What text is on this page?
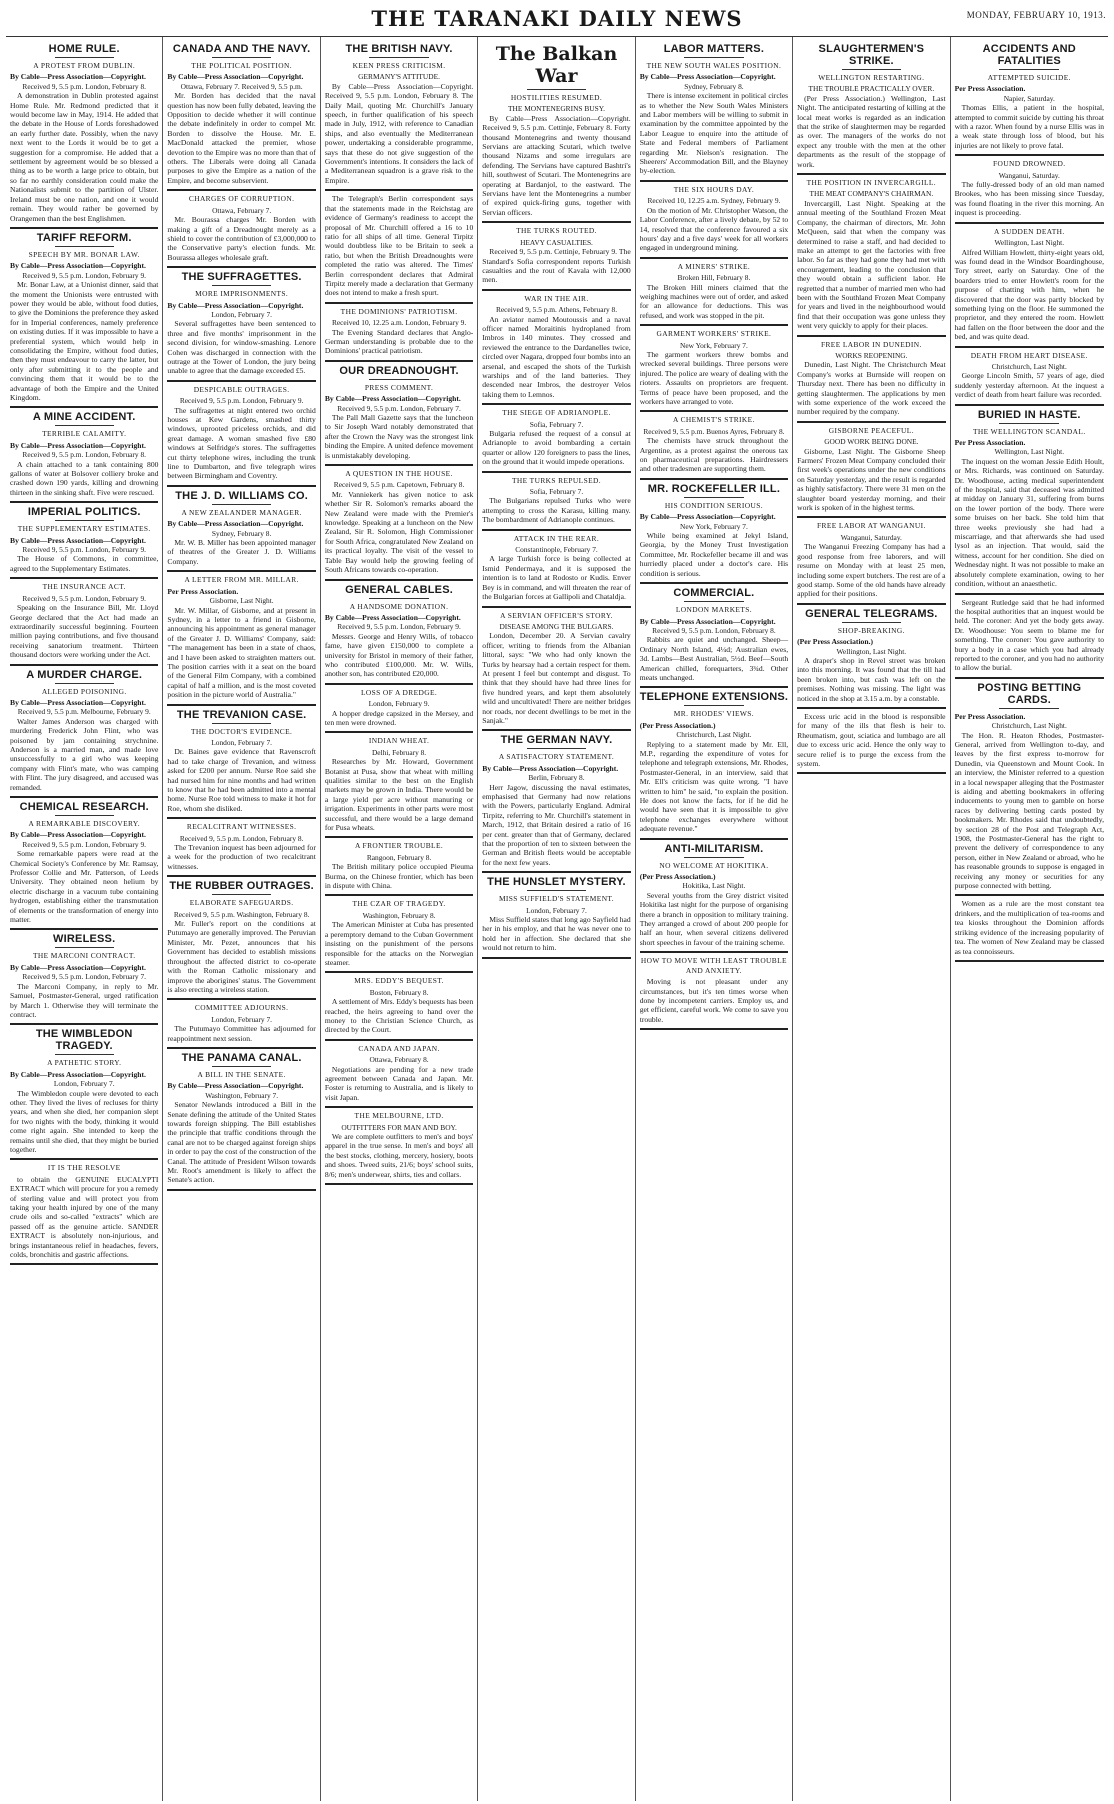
THE TARANAKI DAILY NEWS	MONDAY, FEBRUARY 10, 1913.
HOME RULE.
A PROTEST FROM DUBLIN.
By Cable—Press Association—Copyright.
Received 9, 5.5 p.m. London, February 8.

A demonstration in Dublin protested against Home Rule. Mr. Redmond predicted that it would become law in May, 1914. He added that the debate in the House of Lords foreshadowed an early further date. Possibly, when the navy next went to the Lords it would be to get a suggestion for a compromise. He added that a settlement by agreement would be so blessed a thing as to be worth a large price to obtain, but so far no earthly consideration could make the Nationalists submit to the partition of Ulster. Ireland must be one nation, and one it would remain. They would rather be governed by Orangemen than the best Englishmen.

TARIFF REFORM.
SPEECH BY MR. BONAR LAW.
By Cable—Press Association—Copyright.
Received 9, 5.5 p.m. London, February 9.

Mr. Bonar Law, at a Unionist dinner, said that the moment the Unionists were entrusted with power they would be able, without food duties, to give the Dominions the preference they asked for in Imperial conferences, namely preference on existing duties. If it was impossible to have a preferential system, which would help in consolidating the Empire, without food duties, then they must endeavour to carry the latter, but only after submitting it to the people and convincing them that it would be to the advantage of both the Empire and the United Kingdom.

A MINE ACCIDENT.
TERRIBLE CALAMITY.
By Cable—Press Association—Copyright.
Received 9, 5.5 p.m. London, February 8.

A chain attached to a tank containing 800 gallons of water at Bolsover colliery broke and crashed down 190 yards, killing and drowning thirteen in the sinking shaft. Five were rescued.

IMPERIAL POLITICS.
THE SUPPLEMENTARY ESTIMATES.
By Cable—Press Association—Copyright.
Received 9, 5.5 p.m. London, February 9.

The House of Commons, in committee, agreed to the Supplementary Estimates.

THE INSURANCE ACT.
Received 9, 5.5 p.m. London, February 9.

Speaking on the Insurance Bill, Mr. Lloyd George declared that the Act had made an extraordinarily successful beginning. Fourteen million paying contributions, and five thousand receiving sanatorium treatment. Thirteen thousand doctors were working under the Act.

A MURDER CHARGE.
ALLEGED POISONING.
By Cable—Press Association—Copyright.
Received 9, 5.5 p.m. Melbourne, February 9.

Walter James Anderson was charged with murdering Frederick John Flint, who was poisoned by jam containing strychnine. Anderson is a married man, and made love unsuccessfully to a girl who was keeping company with Flint's mate, who was camping with Flint. The jury disagreed, and accused was remanded.

CHEMICAL RESEARCH.
A REMARKABLE DISCOVERY.
By Cable—Press Association—Copyright.
Received 9, 5.5 p.m. London, February 9.

Some remarkable papers were read at the Chemical Society's Conference by Mr. Ramsay, Professor Collie and Mr. Patterson, of Leeds University. They obtained neon helium by electric discharge in a vacuum tube containing hydrogen, establishing either the transmutation of elements or the transformation of energy into matter.

WIRELESS.
THE MARCONI CONTRACT.
By Cable—Press Association—Copyright.
Received 9, 5.5 p.m. London, February 7.

The Marconi Company, in reply to Mr. Samuel, Postmaster-General, urged ratification by March 1. Otherwise they will terminate the contract.

THE WIMBLEDON TRAGEDY.
A PATHETIC STORY.
By Cable—Press Association—Copyright.
London, February 7.

The Wimbledon couple were devoted to each other. They lived the lives of recluses for thirty years, and when she died, her companion slept for two nights with the body, thinking it would come right again. She intended to keep the remains until she died, that they might be buried together.

IT IS THE RESOLVE

to obtain the GENUINE EUCALYPTI EXTRACT which will procure for you a remedy of sterling value and will protect you from taking your health injured by one of the many crude oils and so-called "extracts" which are passed off as the genuine article. SANDER EXTRACT is absolutely non-injurious, and brings instantaneous relief in headaches, fevers, colds, bronchitis and gastric affections.

CANADA AND THE NAVY.
THE POLITICAL POSITION.
By Cable—Press Association—Copyright.
Ottawa, February 7. Received 9, 5.5 p.m.

Mr. Borden has decided that the naval question has now been fully debated, leaving the Opposition to decide whether it will continue the debate indefinitely in order to compel Mr. Borden to dissolve the House. Mr. E. MacDonald attacked the premier, whose devotion to the Empire was no more than that of others. The Liberals were doing all Canada purposes to give the Empire as a nation of the Empire, and become subservient.

CHARGES OF CORRUPTION.
Ottawa, February 7.

Mr. Bourassa charges Mr. Borden with making a gift of a Dreadnought merely as a shield to cover the contribution of £3,000,000 to the Conservative party's election funds. Mr. Bourassa alleges wholesale graft.

THE SUFFRAGETTES.
MORE IMPRISONMENTS.
By Cable—Press Association—Copyright.
London, February 7.

Several suffragettes have been sentenced to three and five months' imprisonment in the second division, for window-smashing. Lenore Cohen was discharged in connection with the outrage at the Tower of London, the jury being unable to agree that the damage exceeded £5.

DESPICABLE OUTRAGES.
Received 9, 5.5 p.m. London, February 9.

The suffragettes at night entered two orchid houses at Kew Gardens, smashed thirty windows, uprooted priceless orchids, and did great damage. A woman smashed five £80 windows at Selfridge's stores. The suffragettes cut thirty telephone wires, including the trunk line to Dumbarton, and five telegraph wires between Birmingham and Coventry.

THE J. D. WILLIAMS CO.
A NEW ZEALANDER MANAGER.
By Cable—Press Association—Copyright.
Sydney, February 8.

Mr. W. B. Miller has been appointed manager of theatres of the Greater J. D. Williams Company.

A LETTER FROM MR. MILLAR.
Per Press Association.
Gisborne, Last Night.

Mr. W. Millar, of Gisborne, and at present in Sydney, in a letter to a friend in Gisborne, announcing his appointment as general manager of the Greater J. D. Williams' Company, said: "The management has been in a state of chaos, and I have been asked to straighten matters out. The position carries with it a seat on the board of the General Film Company, with a combined capital of half a million, and is the most coveted position in the picture world of Australia."

THE TREVANION CASE.
THE DOCTOR'S EVIDENCE.
London, February 7.

Dr. Baines gave evidence that Ravenscroft had to take charge of Trevanion, and witness asked for £200 per annum. Nurse Roe said she had nursed him for nine months and had written to know that he had been admitted into a mental home. Nurse Roe told witness to make it hot for Roe, whom she disliked.

RECALCITRANT WITNESSES.
Received 9, 5.5 p.m. London, February 8.

The Trevanion inquest has been adjourned for a week for the production of two recalcitrant witnesses.

THE RUBBER OUTRAGES.
ELABORATE SAFEGUARDS.
Received 9, 5.5 p.m. Washington, February 8.

Mr. Fuller's report on the conditions at Putumayo are generally improved. The Peruvian Minister, Mr. Pezet, announces that his Government has decided to establish missions throughout the affected district to co-operate with the Roman Catholic missionary and improve the aborigines' status. The Government is also erecting a wireless station.

COMMITTEE ADJOURNS.
London, February 7.

The Putumayo Committee has adjourned for reappointment next session.

THE PANAMA CANAL.
A BILL IN THE SENATE.
By Cable—Press Association—Copyright.
Washington, February 7.

Senator Newlands introduced a Bill in the Senate defining the attitude of the United States towards foreign shipping. The Bill establishes the principle that traffic conditions through the canal are not to be charged against foreign ships in order to pay the cost of the construction of the Canal. The attitude of President Wilson towards Mr. Root's amendment is likely to affect the Senate's action.

THE BRITISH NAVY.
KEEN PRESS CRITICISM.
GERMANY'S ATTITUDE.

By Cable—Press Association—Copyright. Received 9, 5.5 p.m. London, February 8. The Daily Mail, quoting Mr. Churchill's January speech, in further qualification of his speech made in July, 1912, with reference to Canadian ships, and also eventually the Mediterranean power, undertaking a considerable programme, says that these do not give suggestion of the Government's intentions. It considers the lack of a Mediterranean squadron is a grave risk to the Empire.

The Telegraph's Berlin correspondent says that the statements made in the Reichstag are evidence of Germany's readiness to accept the proposal of Mr. Churchill offered a 16 to 10 ratio for all ships of all time. General Tirpitz would doubtless like to be Britain to seek a ratio, but when the British Dreadnoughts were completed the ratio was altered. The Times' Berlin correspondent declares that Admiral Tirpitz merely made a declaration that Germany does not intend to make a fresh spurt.

THE DOMINIONS' PATRIOTISM.
Received 10, 12.25 a.m. London, February 9.

The Evening Standard declares that Anglo-German understanding is probable due to the Dominions' practical patriotism.

OUR DREADNOUGHT.
PRESS COMMENT.
By Cable—Press Association—Copyright.
Received 9, 5.5 p.m. London, February 7.

The Pall Mall Gazette says that the luncheon to Sir Joseph Ward notably demonstrated that after the Crown the Navy was the strongest link binding the Empire. A united defence movement is unmistakably developing.

A QUESTION IN THE HOUSE.
Received 9, 5.5 p.m. Capetown, February 8.

Mr. Vanniekerk has given notice to ask whether Sir R. Solomon's remarks aboard the New Zealand were made with the Premier's knowledge. Speaking at a luncheon on the New Zealand, Sir R. Solomon, High Commissioner for South Africa, congratulated New Zealand on its practical loyalty. The visit of the vessel to Table Bay would help the growing feeling of South Africans towards co-operation.

GENERAL CABLES.
A HANDSOME DONATION.
By Cable—Press Association—Copyright.
Received 9, 5.5 p.m. London, February 9.

Messrs. George and Henry Wills, of tobacco fame, have given £150,000 to complete a university for Bristol in memory of their father, who contributed £100,000. Mr. W. Wills, another son, has contributed £20,000.

LOSS OF A DREDGE.
London, February 9.

A hopper dredge capsized in the Mersey, and ten men were drowned.

INDIAN WHEAT.
Delhi, February 8.

Researches by Mr. Howard, Government Botanist at Pusa, show that wheat with milling qualities similar to the best on the English markets may be grown in India. There would be a large yield per acre without manuring or irrigation. Experiments in other parts were most successful, and there would be a large demand for Pusa wheats.

A FRONTIER TROUBLE.
Rangoon, February 8.

The British military police occupied Pieuma Burma, on the Chinese frontier, which has been in dispute with China.

THE CZAR OF TRAGEDY.
Washington, February 8.

The American Minister at Cuba has presented a peremptory demand to the Cuban Government insisting on the punishment of the persons responsible for the attacks on the Norwegian steamer.

MRS. EDDY'S BEQUEST.
Boston, February 8.

A settlement of Mrs. Eddy's bequests has been reached, the heirs agreeing to hand over the money to the Christian Science Church, as directed by the Court.

CANADA AND JAPAN.
Ottawa, February 8.

Negotiations are pending for a new trade agreement between Canada and Japan. Mr. Foster is returning to Australia, and is likely to visit Japan.

THE MELBOURNE, LTD.
OUTFITTERS FOR MAN AND BOY.

We are complete outfitters to men's and boys' apparel in the true sense. In men's and boys' all the best stocks, clothing, mercery, hosiery, boots and shoes. Tweed suits, 21/6; boys' school suits, 8/6; men's underwear, shirts, ties and collars.

The Balkan War
HOSTILITIES RESUMED.
THE MONTENEGRINS BUSY.

By Cable—Press Association—Copyright. Received 9, 5.5 p.m. Cettinje, February 8. Forty thousand Montenegrins and twenty thousand Servians are attacking Scutari, which twelve thousand Nizams and some irregulars are defending. The Servians have captured Bashtri's hill, southwest of Scutari. The Montenegrins are operating at Bardanjol, to the eastward. The Servians have lent the Montenegrins a number of expired quick-firing guns, together with Servian officers.

THE TURKS ROUTED.
HEAVY CASUALTIES.

Received 9, 5.5 p.m. Cettinje, February 9. The Standard's Sofia correspondent reports Turkish casualties and the rout of Kavala with 12,000 men.

WAR IN THE AIR.
Received 9, 5.5 p.m. Athens, February 8.

An aviator named Moutoussis and a naval officer named Moraitinis hydroplaned from Imbros in 140 minutes. They crossed and reviewed the entrance to the Dardanelles twice, circled over Nagara, dropped four bombs into an arsenal, and escaped the shots of the Turkish warships and of the land batteries. They descended near Imbros, the destroyer Velos taking them to Lemnos.

THE SIEGE OF ADRIANOPLE.
Sofia, February 7.

Bulgaria refused the request of a consul at Adrianople to avoid bombarding a certain quarter or allow 120 foreigners to pass the lines, on the ground that it would impede operations.

THE TURKS REPULSED.
Sofia, February 7.

The Bulgarians repulsed Turks who were attempting to cross the Karasu, killing many. The bombardment of Adrianople continues.

ATTACK IN THE REAR.
Constantinople, February 7.

A large Turkish force is being collected at Ismid Pendermaya, and it is supposed the intention is to land at Rodosto or Kudis. Enver Bey is in command, and will threaten the rear of the Bulgarian forces at Gallipoli and Chataldja.

A SERVIAN OFFICER'S STORY.
DISEASE AMONG THE BULGARS.

London, December 20. A Servian cavalry officer, writing to friends from the Albanian littoral, says: "We who had only known the Turks by hearsay had a certain respect for them. At present I feel but contempt and disgust. To think that they should have had three lines for five hundred years, and kept them absolutely wild and uncultivated! There are neither bridges nor roads, nor decent dwellings to be met in the Sanjak."

THE GERMAN NAVY.
A SATISFACTORY STATEMENT.
By Cable—Press Association—Copyright.
Berlin, February 8.

Herr Jagow, discussing the naval estimates, emphasised that Germany had now relations with the Powers, particularly England. Admiral Tirpitz, referring to Mr. Churchill's statement in March, 1912, that Britain desired a ratio of 16 per cent. greater than that of Germany, declared that the proportion of ten to sixteen between the German and British fleets would be acceptable for the next few years.

THE HUNSLET MYSTERY.
MISS SUFFIELD'S STATEMENT.
London, February 7.

Miss Suffield states that long ago Sayfield had her in his employ, and that he was never one to hold her in affection. She declared that she would not return to him.

LABOR MATTERS.
THE NEW SOUTH WALES POSITION.
By Cable—Press Association—Copyright.
Sydney, February 8.

There is intense excitement in political circles as to whether the New South Wales Ministers and Labor members will be willing to submit in examination by the committee appointed by the Labor League to enquire into the attitude of State and Federal members of Parliament regarding Mr. Nielson's resignation. The Sheerers' Accommodation Bill, and the Blayney by-election.

THE SIX HOURS DAY.
Received 10, 12.25 a.m. Sydney, February 9.

On the motion of Mr. Christopher Watson, the Labor Conference, after a lively debate, by 52 to 14, resolved that the conference favoured a six hours' day and a five days' week for all workers engaged in underground mining.

A MINERS' STRIKE.
Broken Hill, February 8.

The Broken Hill miners claimed that the weighing machines were out of order, and asked for an allowance for deductions. This was refused, and work was stopped in the pit.

GARMENT WORKERS' STRIKE.
New York, February 7.

The garment workers threw bombs and wrecked several buildings. Three persons were injured. The police are weary of dealing with the rioters. Assaults on proprietors are frequent. Terms of peace have been proposed, and the workers have arranged to vote.

A CHEMIST'S STRIKE.
Received 9, 5.5 p.m. Buenos Ayres, February 8.

The chemists have struck throughout the Argentine, as a protest against the onerous tax on pharmaceutical preparations. Hairdressers and other tradesmen are supporting them.

MR. ROCKEFELLER ILL.
HIS CONDITION SERIOUS.
By Cable—Press Association—Copyright.
New York, February 7.

While being examined at Jekyl Island, Georgia, by the Money Trust Investigation Committee, Mr. Rockefeller became ill and was hurriedly placed under a doctor's care. His condition is serious.

COMMERCIAL.
LONDON MARKETS.
By Cable—Press Association—Copyright.
Received 9, 5.5 p.m. London, February 8.

Rabbits are quiet and unchanged. Sheep—Ordinary North Island, 4¼d; Australian ewes, 3d. Lambs—Best Australian, 5½d. Beef—South American chilled, forequarters, 3¾d. Other meats unchanged.

TELEPHONE EXTENSIONS.
MR. RHODES' VIEWS.
(Per Press Association.)
Christchurch, Last Night.

Replying to a statement made by Mr. Ell, M.P., regarding the expenditure of votes for telephone and telegraph extensions, Mr. Rhodes, Postmaster-General, in an interview, said that Mr. Ell's criticism was quite wrong. "I have written to him" he said, "to explain the position. He does not know the facts, for if he did he would have seen that it is impossible to give telephone exchanges everywhere without adequate revenue."

ANTI-MILITARISM.
NO WELCOME AT HOKITIKA.
(Per Press Association.)
Hokitika, Last Night.

Several youths from the Grey district visited Hokitika last night for the purpose of organising there a branch in opposition to military training. They arranged a crowd of about 200 people for half an hour, when several citizens delivered short speeches in favour of the training scheme.

HOW TO MOVE WITH LEAST TROUBLE AND ANXIETY.

Moving is not pleasant under any circumstances, but it's ten times worse when done by incompetent carriers. Employ us, and get efficient, careful work. We come to save you trouble.

SLAUGHTERMEN'S STRIKE.
WELLINGTON RESTARTING.
THE TROUBLE PRACTICALLY OVER.

(Per Press Association.) Wellington, Last Night. The anticipated restarting of killing at the local meat works is regarded as an indication that the strike of slaughtermen may be regarded as over. The managers of the works do not expect any trouble with the men at the other departments as the result of the stoppage of work.

THE POSITION IN INVERCARGILL.
THE MEAT COMPANY'S CHAIRMAN.

Invercargill, Last Night. Speaking at the annual meeting of the Southland Frozen Meat Company, the chairman of directors, Mr. John McQueen, said that when the company was determined to raise a staff, and had decided to make an attempt to get the factories with free labor. So far as they had gone they had met with encouragement, leading to the conclusion that they would obtain a sufficient labor. He regretted that a number of married men who had been with the Southland Frozen Meat Company for years and lived in the neighbourhood would find that their occupation was gone unless they went very quickly to apply for their places.

FREE LABOR IN DUNEDIN.
WORKS REOPENING.

Dunedin, Last Night. The Christchurch Meat Company's works at Burnside will reopen on Thursday next. There has been no difficulty in getting slaughtermen. The applications by men with some experience of the work exceed the number required by the company.

GISBORNE PEACEFUL.
GOOD WORK BEING DONE.

Gisborne, Last Night. The Gisborne Sheep Farmers' Frozen Meat Company concluded their first week's operations under the new conditions on Saturday yesterday, and the result is regarded as highly satisfactory. There were 31 men on the slaughter board yesterday morning, and their work is spoken of in the highest terms.

FREE LABOR AT WANGANUI.
Wanganui, Saturday.

The Wanganui Freezing Company has had a good response from free laborers, and will resume on Monday with at least 25 men, including some expert butchers. The rest are of a good stamp. Some of the old hands have already applied for their positions.

GENERAL TELEGRAMS.
SHOP-BREAKING.
(Per Press Association.)
Wellington, Last Night.

A draper's shop in Revel street was broken into this morning. It was found that the till had been broken into, but cash was left on the premises. Nothing was missing. The light was noticed in the shop at 3.15 a.m. by a constable.

Excess uric acid in the blood is responsible for many of the ills that flesh is heir to. Rheumatism, gout, sciatica and lumbago are all due to excess uric acid. Hence the only way to secure relief is to purge the excess from the system.

ACCIDENTS AND FATALITIES
ATTEMPTED SUICIDE.
Per Press Association.
Napier, Saturday.

Thomas Ellis, a patient in the hospital, attempted to commit suicide by cutting his throat with a razor. When found by a nurse Ellis was in a weak state through loss of blood, but his injuries are not likely to prove fatal.

FOUND DROWNED.
Wanganui, Saturday.

The fully-dressed body of an old man named Brookes, who has been missing since Tuesday, was found floating in the river this morning. An inquest is proceeding.

A SUDDEN DEATH.
Wellington, Last Night.

Alfred William Howlett, thirty-eight years old, was found dead in the Windsor Boardinghouse, Tory street, early on Saturday. One of the boarders tried to enter Howlett's room for the purpose of chatting with him, when he discovered that the door was partly blocked by something lying on the floor. He summoned the proprietor, and they entered the room. Howlett had fallen on the floor between the door and the bed, and was quite dead.

DEATH FROM HEART DISEASE.
Christchurch, Last Night.

George Lincoln Smith, 57 years of age, died suddenly yesterday afternoon. At the inquest a verdict of death from heart failure was recorded.

BURIED IN HASTE.
THE WELLINGTON SCANDAL.
Per Press Association.
Wellington, Last Night.

The inquest on the woman Jessie Edith Hoult, or Mrs. Richards, was continued on Saturday. Dr. Woodhouse, acting medical superintendent of the hospital, said that deceased was admitted at midday on January 31, suffering from burns on the lower portion of the body. There were some bruises on her back. She told him that three weeks previously she had had a miscarriage, and that afterwards she had used lysol as an injection. That would, said the witness, account for her condition. She died on Wednesday night. It was not possible to make an absolutely complete examination, owing to her condition, without an anaesthetic.

Sergeant Rutledge said that he had informed the hospital authorities that an inquest would be held. The coroner: And yet the body gets away. Dr. Woodhouse: You seem to blame me for something. The coroner: You gave authority to bury a body in a case which you had already reported to the coroner, and you had no authority to allow the burial.

POSTING BETTING CARDS.
Per Press Association.
Christchurch, Last Night.

The Hon. R. Heaton Rhodes, Postmaster-General, arrived from Wellington to-day, and leaves by the first express to-morrow for Dunedin, via Queenstown and Mount Cook. In an interview, the Minister referred to a question in a local newspaper alleging that the Postmaster is aiding and abetting bookmakers in offering inducements to young men to gamble on horse races by delivering betting cards posted by bookmakers. Mr. Rhodes said that undoubtedly, by section 28 of the Post and Telegraph Act, 1908, the Postmaster-General has the right to prevent the delivery of correspondence to any person, either in New Zealand or abroad, who he has reasonable grounds to suppose is engaged in receiving any money or securities for any purpose connected with betting.

Women as a rule are the most constant tea drinkers, and the multiplication of tea-rooms and tea kiosks throughout the Dominion affords striking evidence of the increasing popularity of tea. The women of New Zealand may be classed as tea connoisseurs.
